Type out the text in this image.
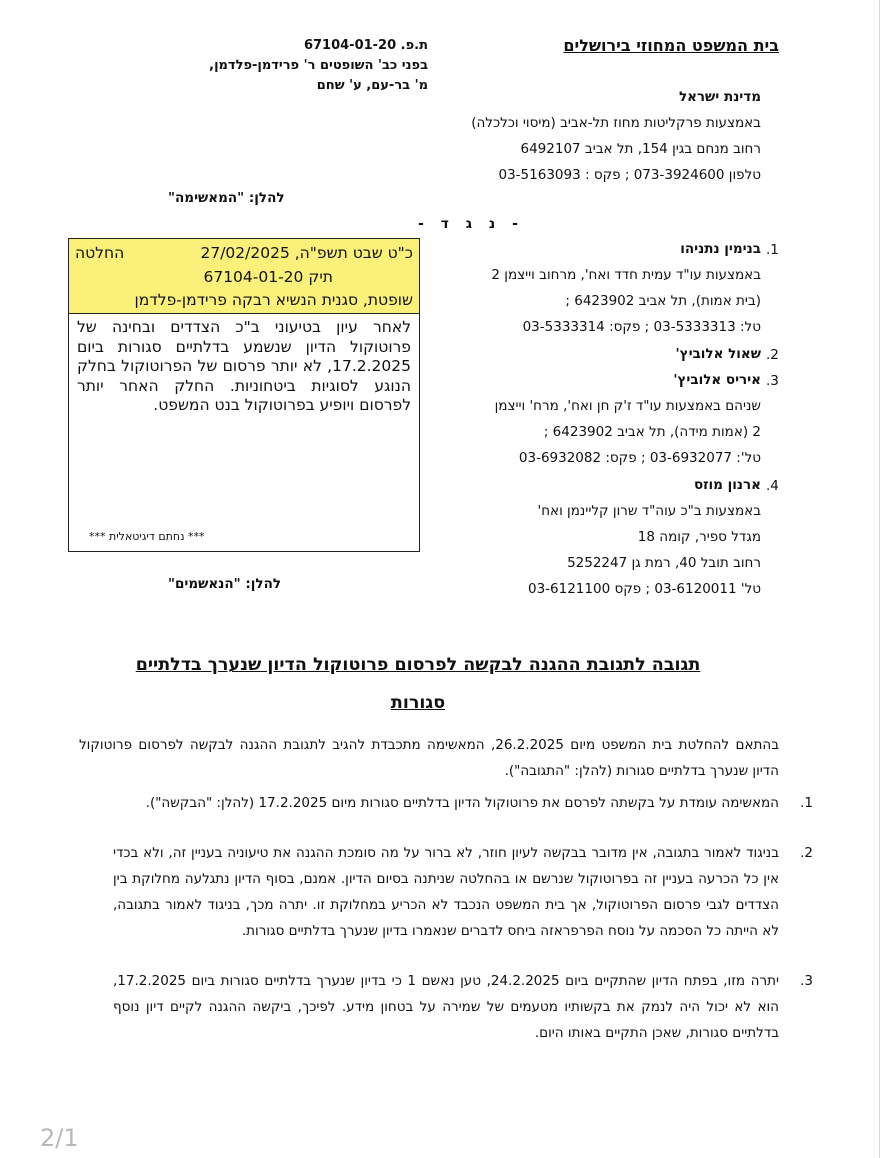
בית המשפט המחוזי בירושלים
ת.פ. 67104-01-20
בפני כב' השופטים ר' פרידמן-פלדמן,
מ' בר-עם, ע' שחם
מדינת ישראל
באמצעות פרקליטות מחוז תל-אביב (מיסוי וכלכלה)
רחוב מנחם בגין 154, תל אביב 6492107
טלפון 073-3924600 ; פקס : 03-5163093
להלן: "המאשימה"
- נ ג ד -
1.
בנימין נתניהו
באמצעות עו"ד עמית חדד ואח', מרחוב וייצמן 2
(בית אמות), תל אביב 6423902 ;
טל: 03-5333313 ; פקס: 03-5333314
2.
שאול אלוביץ'
3.
איריס אלוביץ'
שניהם באמצעות עו"ד ז'ק חן ואח', מרח' וייצמן
2 (אמות מידה), תל אביב 6423902 ;
טל': 03-6932077 ; פקס: 03-6932082
4.
ארנון מוזס
באמצעות ב"כ עוה"ד שרון קליינמן ואח'
מגדל ספיר, קומה 18
רחוב תובל 40, רמת גן 5252247
טל' 03-6120011 ; פקס 03-6121100
להלן: "הנאשמים"
כ"ט שבט תשפ"ה, 27/02/2025
החלטה
תיק 67104-01-20
שופטת, סגנית הנשיא רבקה פרידמן-פלדמן
לאחר עיון בטיעוני ב"כ הצדדים ובחינה של פרוטוקול הדיון שנשמע בדלתיים סגורות ביום 17.2.2025, לא יותר פרסום של הפרוטוקול בחלק הנוגע לסוגיות ביטחוניות. החלק האחר יותר לפרסום ויופיע בפרוטוקול בנט המשפט.
*** נחתם דיגיטאלית ***
תגובה לתגובת ההגנה לבקשה לפרסום פרוטוקול הדיון שנערך בדלתיים
סגורות
בהתאם להחלטת בית המשפט מיום 26.2.2025, המאשימה מתכבדת להגיב לתגובת ההגנה לבקשה לפרסום פרוטוקול הדיון שנערך בדלתיים סגורות (להלן: "התגובה").
1.
המאשימה עומדת על בקשתה לפרסם את פרוטוקול הדיון בדלתיים סגורות מיום 17.2.2025 (להלן: "הבקשה").
2.
בניגוד לאמור בתגובה, אין מדובר בבקשה לעיון חוזר, לא ברור על מה סומכת ההגנה את טיעוניה בעניין זה, ולא בכדי אין כל הכרעה בעניין זה בפרוטוקול שנרשם או בהחלטה שניתנה בסיום הדיון. אמנם, בסוף הדיון נתגלעה מחלוקת בין הצדדים לגבי פרסום הפרוטוקול, אך בית המשפט הנכבד לא הכריע במחלוקת זו. יתרה מכך, בניגוד לאמור בתגובה, לא הייתה כל הסכמה על נוסח הפרפראזה ביחס לדברים שנאמרו בדיון שנערך בדלתיים סגורות.
3.
יתרה מזו, בפתח הדיון שהתקיים ביום 24.2.2025, טען נאשם 1 כי בדיון שנערך בדלתיים סגורות ביום 17.2.2025, הוא לא יכול היה לנמק את בקשותיו מטעמים של שמירה על בטחון מידע. לפיכך, ביקשה ההגנה לקיים דיון נוסף בדלתיים סגורות, שאכן התקיים באותו היום.
2/1
